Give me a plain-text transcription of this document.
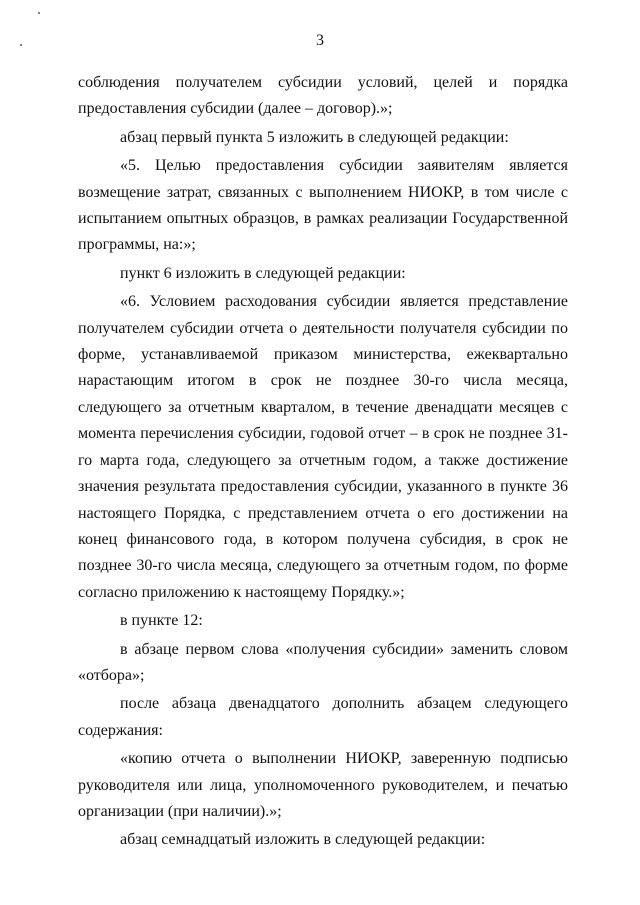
3

соблюдения получателем субсидии условий, целей и порядка предоставления субсидии (далее – договор).»;

абзац первый пункта 5 изложить в следующей редакции:

«5. Целью предоставления субсидии заявителям является возмещение затрат, связанных с выполнением НИОКР, в том числе с испытанием опытных образцов, в рамках реализации Государственной программы, на:»;

пункт 6 изложить в следующей редакции:

«6. Условием расходования субсидии является представление получателем субсидии отчета о деятельности получателя субсидии по форме, устанавливаемой приказом министерства, ежеквартально нарастающим итогом в срок не позднее 30-го числа месяца, следующего за отчетным кварталом, в течение двенадцати месяцев с момента перечисления субсидии, годовой отчет – в срок не позднее 31-го марта года, следующего за отчетным годом, а также достижение значения результата предоставления субсидии, указанного в пункте 36 настоящего Порядка, с представлением отчета о его достижении на конец финансового года, в котором получена субсидия, в срок не позднее 30-го числа месяца, следующего за отчетным годом, по форме согласно приложению к настоящему Порядку.»;

в пункте 12:

в абзаце первом слова «получения субсидии» заменить словом «отбора»;

после абзаца двенадцатого дополнить абзацем следующего содержания:

«копию отчета о выполнении НИОКР, заверенную подписью руководителя или лица, уполномоченного руководителем, и печатью организации (при наличии).»;

абзац семнадцатый изложить в следующей редакции:
